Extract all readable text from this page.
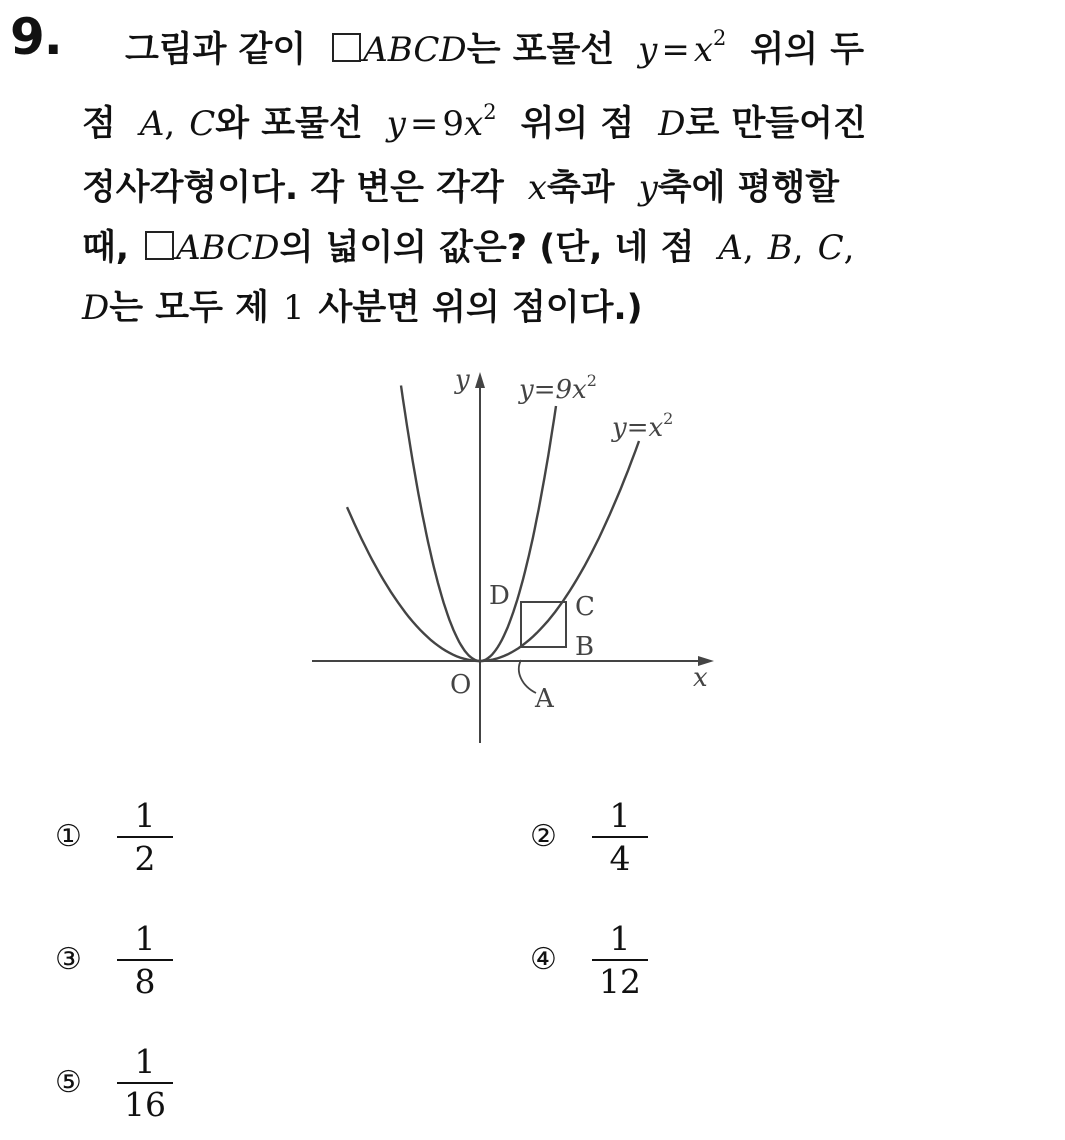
9. 그림과 같이 ABCD는 포물선 $y = x^2$ 위의 두
점 A, C와 포물선 $y = 9x^2$ 위의 점 D로 만들어진
정사각형이다. 각 변은 각각 x축과 y축에 평행할
때, ABCD의 넓이의 값은? (단, 네 점 A, B, C,
D는 모두 제 1 사분면 위의 점이다.)
y
x
O
$y=9x^2$
$y=x^2$
D	C
B
A
①
1
2
②
1
4
③
1
8
④
1
12
⑤
1
16
